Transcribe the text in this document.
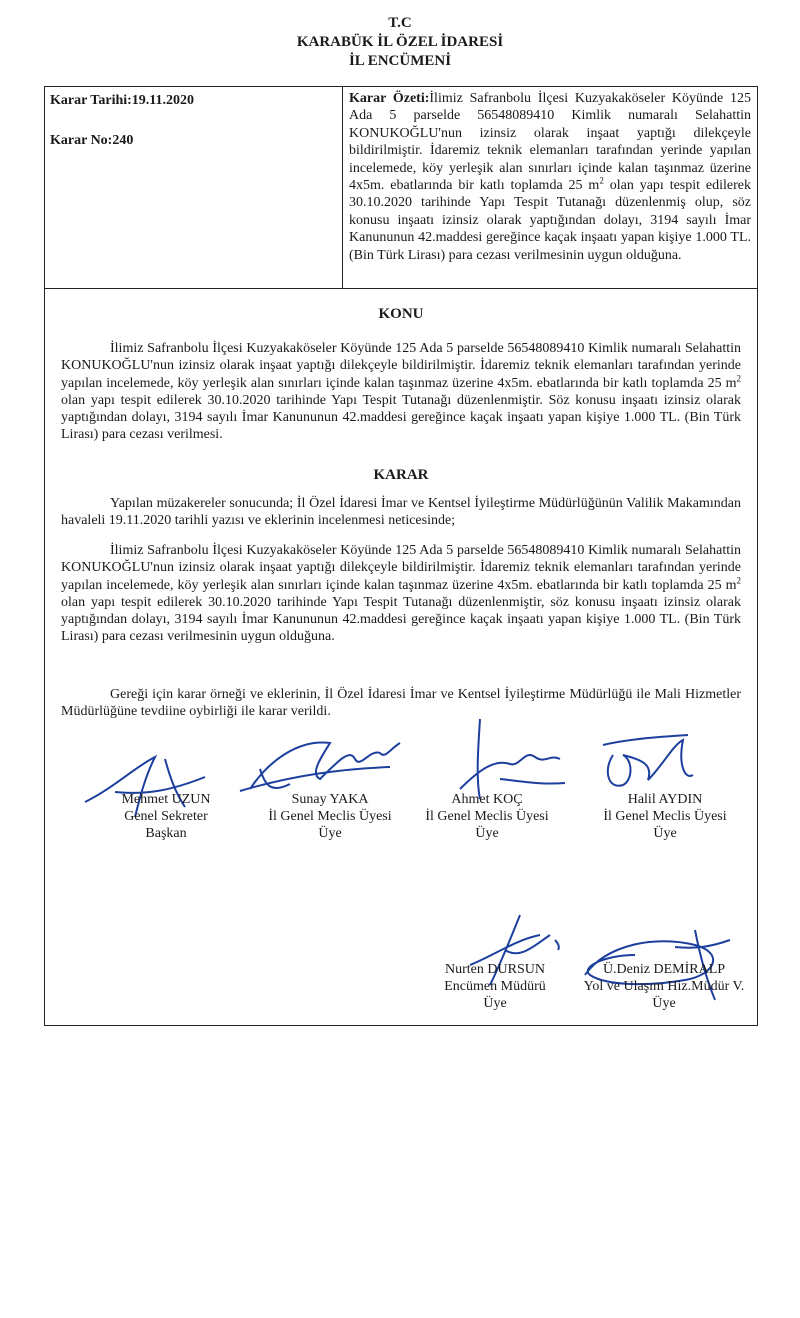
T.C
KARABÜK İL ÖZEL İDARESİ
İL ENCÜMENİ
Karar Tarihi:19.11.2020
Karar No:240
Karar Özeti:İlimiz Safranbolu İlçesi Kuzyakaköseler Köyünde 125 Ada 5 parselde 56548089410 Kimlik numaralı Selahattin KONUKOĞLU'nun izinsiz olarak inşaat yaptığı dilekçeyle bildirilmiştir. İdaremiz teknik elemanları tarafından yerinde yapılan incelemede, köy yerleşik alan sınırları içinde kalan taşınmaz üzerine 4x5m. ebatlarında bir katlı toplamda 25 $m^2$ olan yapı tespit edilerek 30.10.2020 tarihinde Yapı Tespit Tutanağı düzenlenmiş olup, söz konusu inşaatı izinsiz olarak yaptığından dolayı, 3194 sayılı İmar Kanununun 42.maddesi gereğince kaçak inşaatı yapan kişiye 1.000 TL. (Bin Türk Lirası) para cezası verilmesinin uygun olduğuna.
KONU
İlimiz Safranbolu İlçesi Kuzyakaköseler Köyünde 125 Ada 5 parselde 56548089410 Kimlik numaralı Selahattin KONUKOĞLU'nun izinsiz olarak inşaat yaptığı dilekçeyle bildirilmiştir. İdaremiz teknik elemanları tarafından yerinde yapılan incelemede, köy yerleşik alan sınırları içinde kalan taşınmaz üzerine 4x5m. ebatlarında bir katlı toplamda 25 $m^2$ olan yapı tespit edilerek 30.10.2020 tarihinde Yapı Tespit Tutanağı düzenlenmiştir. Söz konusu inşaatı izinsiz olarak yaptığından dolayı, 3194 sayılı İmar Kanununun 42.maddesi gereğince kaçak inşaatı yapan kişiye 1.000 TL. (Bin Türk Lirası) para cezası verilmesi.
KARAR
Yapılan müzakereler sonucunda; İl Özel İdaresi İmar ve Kentsel İyileştirme Müdürlüğünün Valilik Makamından havaleli 19.11.2020 tarihli yazısı ve eklerinin incelenmesi neticesinde;
İlimiz Safranbolu İlçesi Kuzyakaköseler Köyünde 125 Ada 5 parselde 56548089410 Kimlik numaralı Selahattin KONUKOĞLU'nun izinsiz olarak inşaat yaptığı dilekçeyle bildirilmiştir. İdaremiz teknik elemanları tarafından yerinde yapılan incelemede, köy yerleşik alan sınırları içinde kalan taşınmaz üzerine 4x5m. ebatlarında bir katlı toplamda 25 $m^2$ olan yapı tespit edilerek 30.10.2020 tarihinde Yapı Tespit Tutanağı düzenlenmiştir, söz konusu inşaatı izinsiz olarak yaptığından dolayı, 3194 sayılı İmar Kanununun 42.maddesi gereğince kaçak inşaatı yapan kişiye 1.000 TL. (Bin Türk Lirası) para cezası verilmesinin uygun olduğuna.
Gereği için karar örneği ve eklerinin, İl Özel İdaresi İmar ve Kentsel İyileştirme Müdürlüğü ile Mali Hizmetler Müdürlüğüne tevdiine oybirliği ile karar verildi.
Mehmet UZUN
Genel Sekreter
Başkan
Sunay YAKA
İl Genel Meclis Üyesi
Üye
Ahmet KOÇ
İl Genel Meclis Üyesi
Üye
Halil AYDIN
İl Genel Meclis Üyesi
Üye
Nurten DURSUN
Encümen Müdürü
Üye
Ü.Deniz DEMİRALP
Yol ve Ulaşım Hiz.Müdür V.
Üye
